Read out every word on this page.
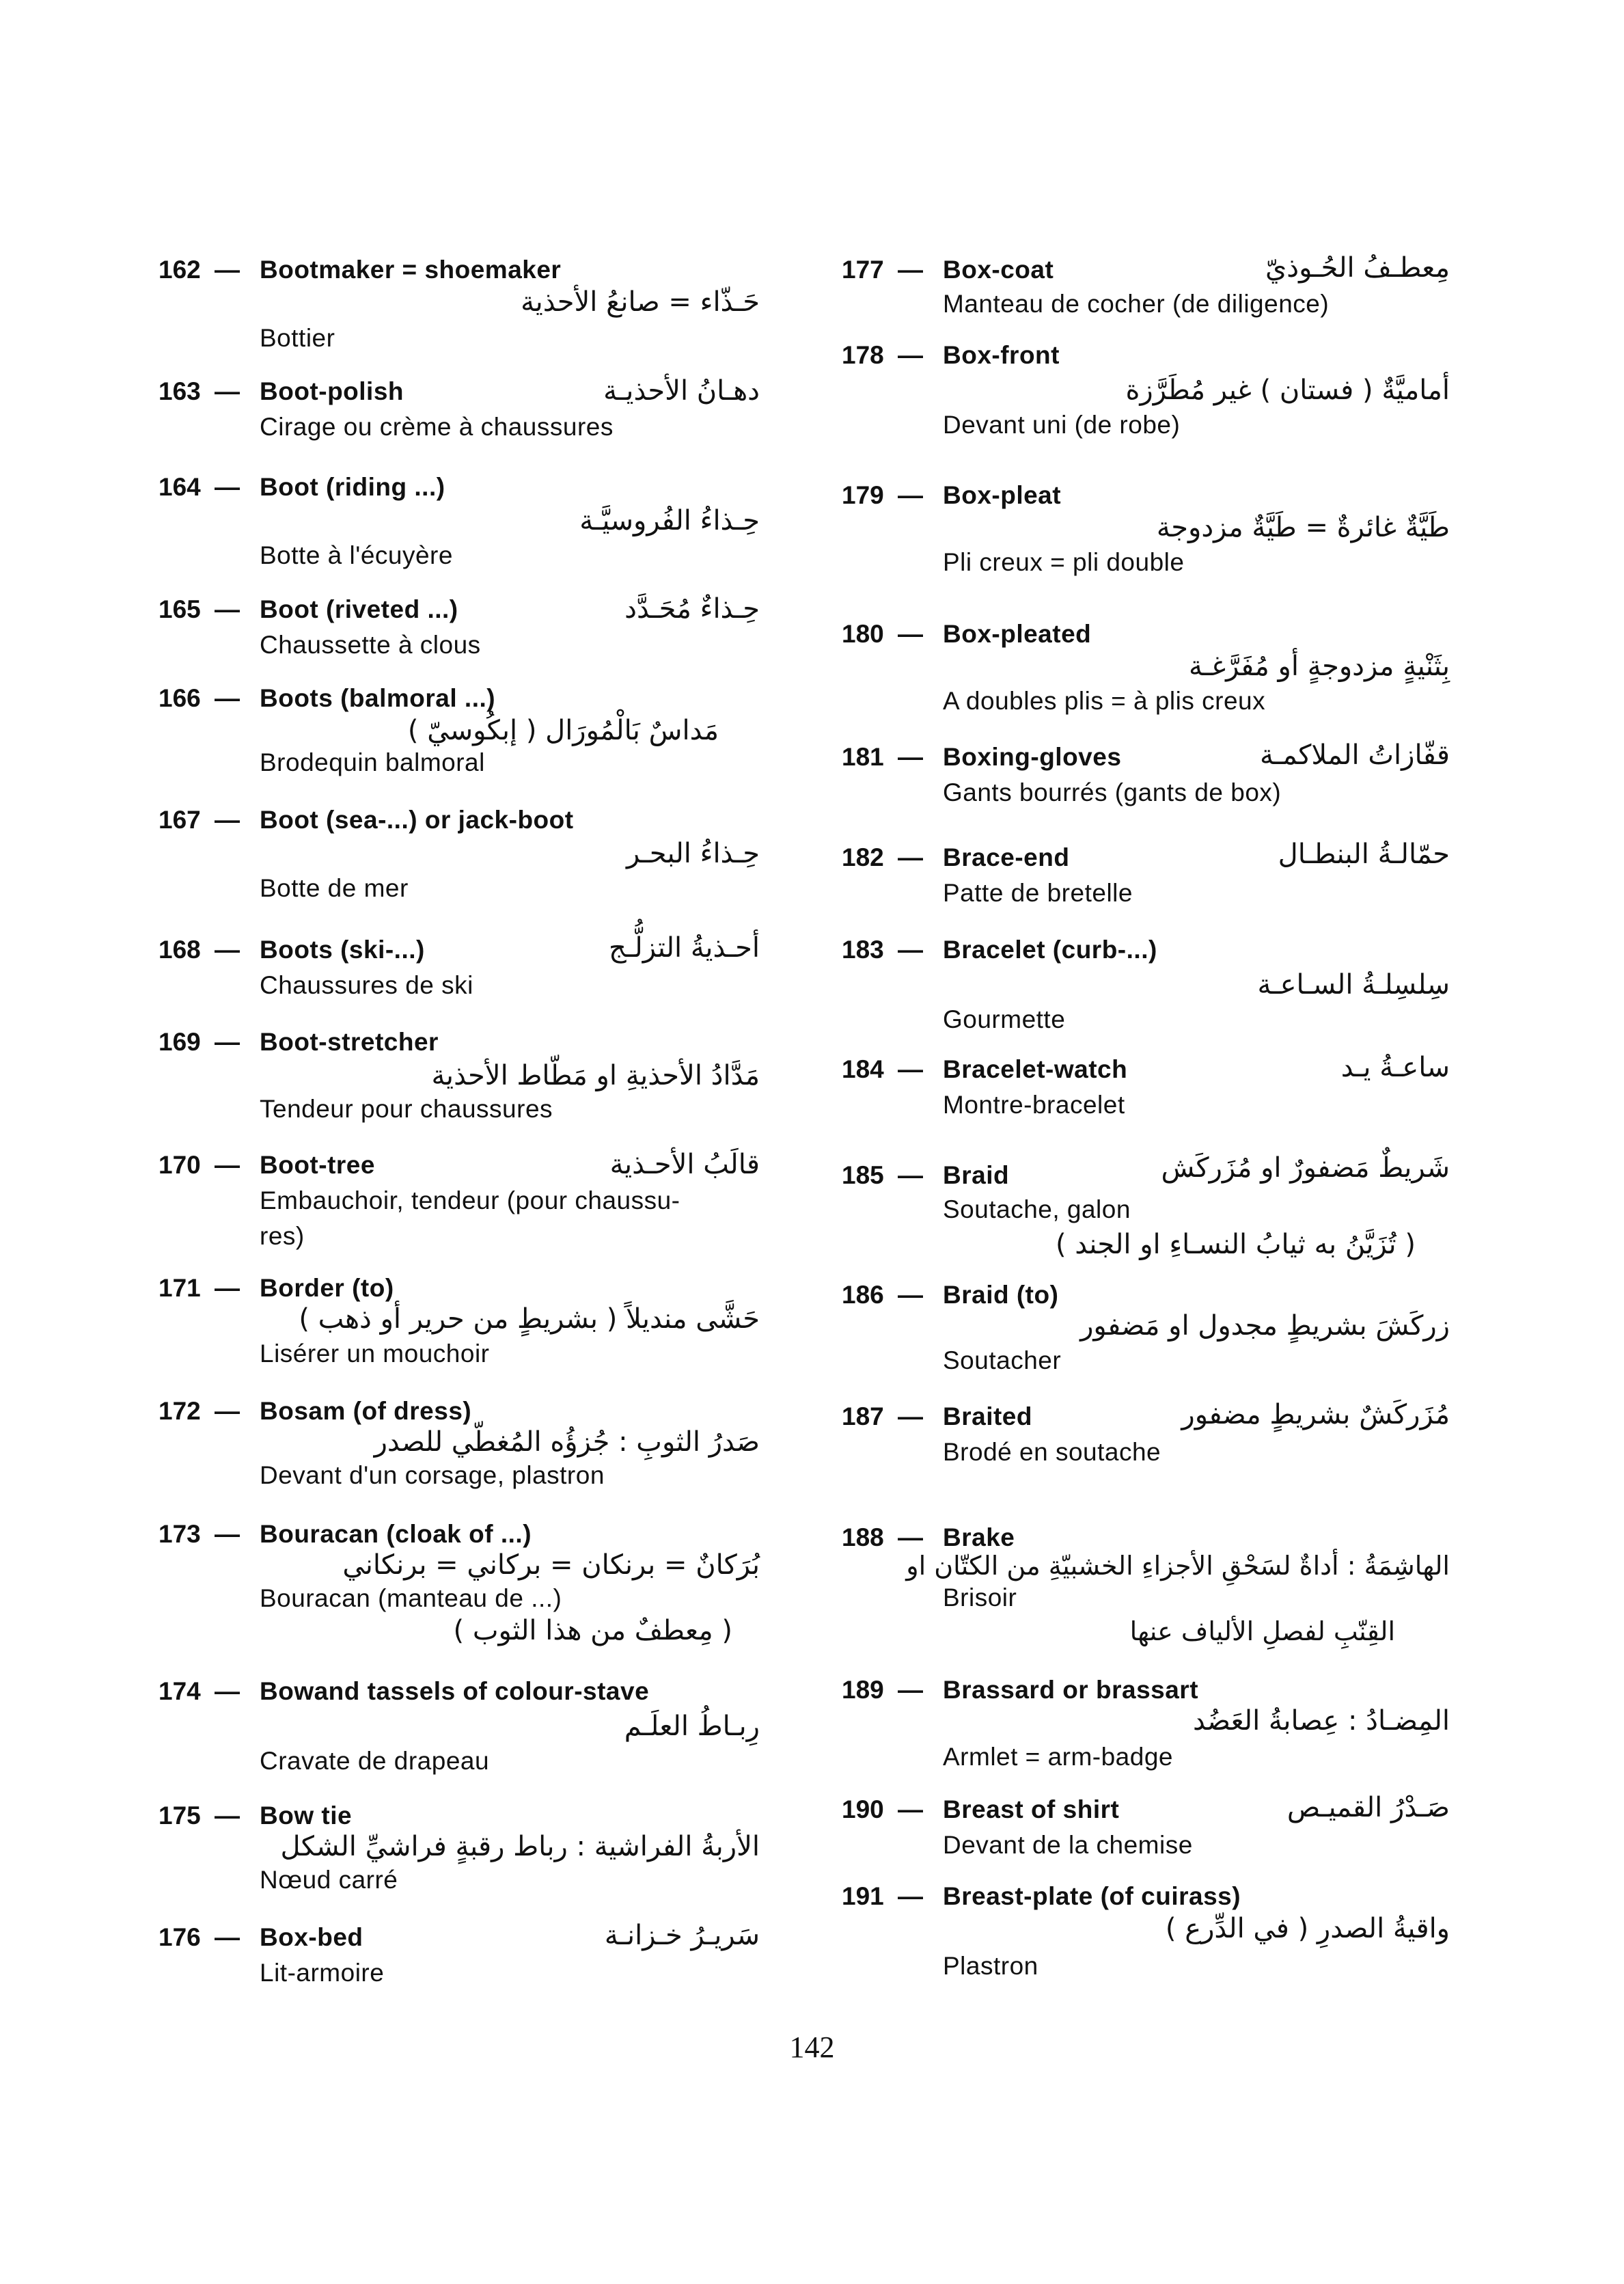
162 — Bootmaker = shoemaker
حَـذّاء = صانعُ الأحذية
Bottier
163 — Boot-polish	دهـانُ الأحذيـة
Cirage ou crème à chaussures
164 — Boot (riding ...)
حِـذاءُ الفُروسيَّـة
Botte à l'écuyère
165 — Boot (riveted ...)	حِـذاءٌ مُحَـدَّد
Chaussette à clous
166 — Boots (balmoral ...)
مَداسٌ بَالْمُورَال ( إبكُوسيّ )
Brodequin balmoral
167 — Boot (sea-...) or jack-boot
حِـذاءُ البحـر
Botte de mer
168 — Boots (ski-...)	أحـذيةُ التزلُّـج
Chaussures de ski
169 — Boot-stretcher
مَدَّادُ الأحذيةِ او مَطّاط الأحذية
Tendeur pour chaussures
170 — Boot-tree	قالَبُ الأحـذية
Embauchoir, tendeur (pour chaussu-
res)
171 — Border (to)
حَشَّى منديلاً ( بشريطٍ من حرير أو ذهب )
Lisérer un mouchoir
172 — Bosam (of dress)
صَدرُ الثوبِ : جُزؤُه المُغطّي للصدر
Devant d'un corsage, plastron
173 — Bouracan (cloak of ...)
بُرَكانٌ = برنكان = بركاني = برنكاني
Bouracan (manteau de ...)
( مِعطفٌ من هذا الثوب )
174 — Bowand tassels of colour-stave
رِبـاطُ العلَـم
Cravate de drapeau
175 — Bow tie
الأربةُ الفراشية : رباط رقبةٍ فراشيِّ الشكل
Nœud carré
176 — Box-bed	سَريـرُ خـزانـة
Lit-armoire
177 — Box-coat	مِعطـفُ الحُـوذيّ
Manteau de cocher (de diligence)
178 — Box-front
أماميَّةٌ ( فستان ) غير مُطَرَّزة
Devant uni (de robe)
179 — Box-pleat
طَيَّةٌ غائرةٌ = طَيَّةٌ مزدوجة
Pli creux = pli double
180 — Box-pleated
بِثَنْيةٍ مزدوجةٍ أو مُفَرَّغـة
A doubles plis = à plis creux
181 — Boxing-gloves	قفّازاتُ الملاكمـة
Gants bourrés (gants de box)
182 — Brace-end	حمّالـةُ البنطـال
Patte de bretelle
183 — Bracelet (curb-...)
سِلسِلـةُ السـاعـة
Gourmette
184 — Bracelet-watch	ساعـةُ يـد
Montre-bracelet
185 — Braid	شَريطٌ مَضفورٌ او مُزَركَش
Soutache, galon
( تُزَيَّنُ به ثيابُ النسـاءِ او الجند )
186 — Braid (to)
زركَشَ بشريطٍ مجدول او مَضفور
Soutacher
187 — Braited	مُزَركَشٌ بشريطٍ مضفور
Brodé en soutache
188 — Brake
الهاشِمَةُ : أداةٌ لسَحْقِ الأجزاءِ الخشبيّةِ من الكتّان او
Brisoir
القِنّبِ لفصلِ الألياف عنها
189 — Brassard or brassart
المِضـادُ : عِصابةُ العَضُد
Armlet = arm-badge
190 — Breast of shirt	صَـدْرُ القميـص
Devant de la chemise
191 — Breast-plate (of cuirass)
واقيةُ الصدرِ ( في الدِّرع )
Plastron
142
